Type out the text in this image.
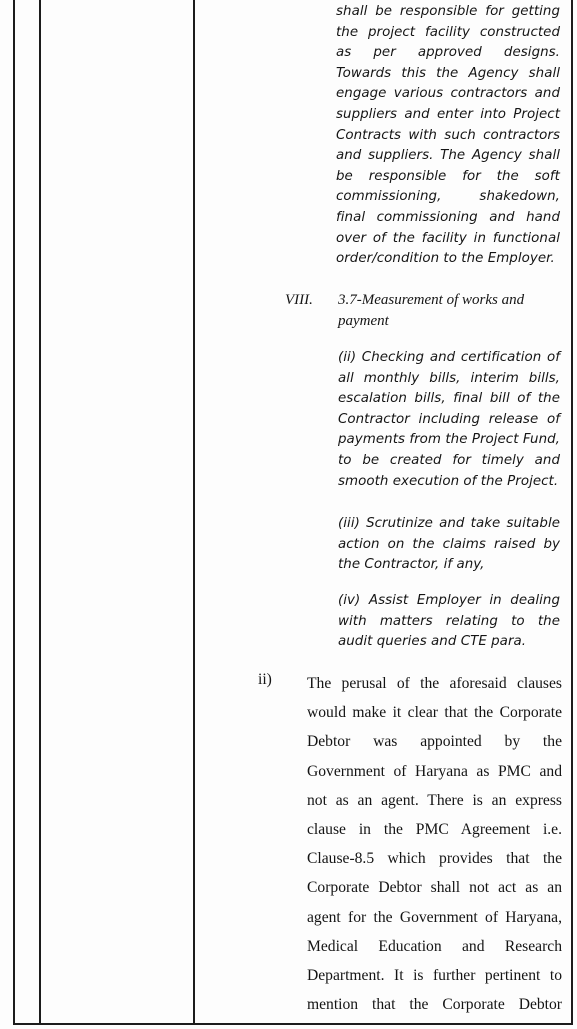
shall be responsible for getting

the project facility constructed

as per approved designs.

Towards this the Agency shall

engage various contractors and

suppliers and enter into Project

Contracts with such contractors

and suppliers. The Agency shall

be responsible for the soft

commissioning, shakedown,

final commissioning and hand

over of the facility in functional

order/condition to the Employer.

VIII. 3.7-Measurement of works and
payment

(ii) Checking and certification of

all monthly bills, interim bills,

escalation bills, final bill of the

Contractor including release of

payments from the Project Fund,

to be created for timely and

smooth execution of the Project.

(iii) Scrutinize and take suitable

action on the claims raised by

the Contractor, if any,

(iv) Assist Employer in dealing

with matters relating to the

audit queries and CTE para.

ii) The perusal of the aforesaid clauses

would make it clear that the Corporate

Debtor was appointed by the

Government of Haryana as PMC and

not as an agent. There is an express

clause in the PMC Agreement i.e.

Clause-8.5 which provides that the

Corporate Debtor shall not act as an

agent for the Government of Haryana,

Medical Education and Research

Department. It is further pertinent to

mention that the Corporate Debtor
